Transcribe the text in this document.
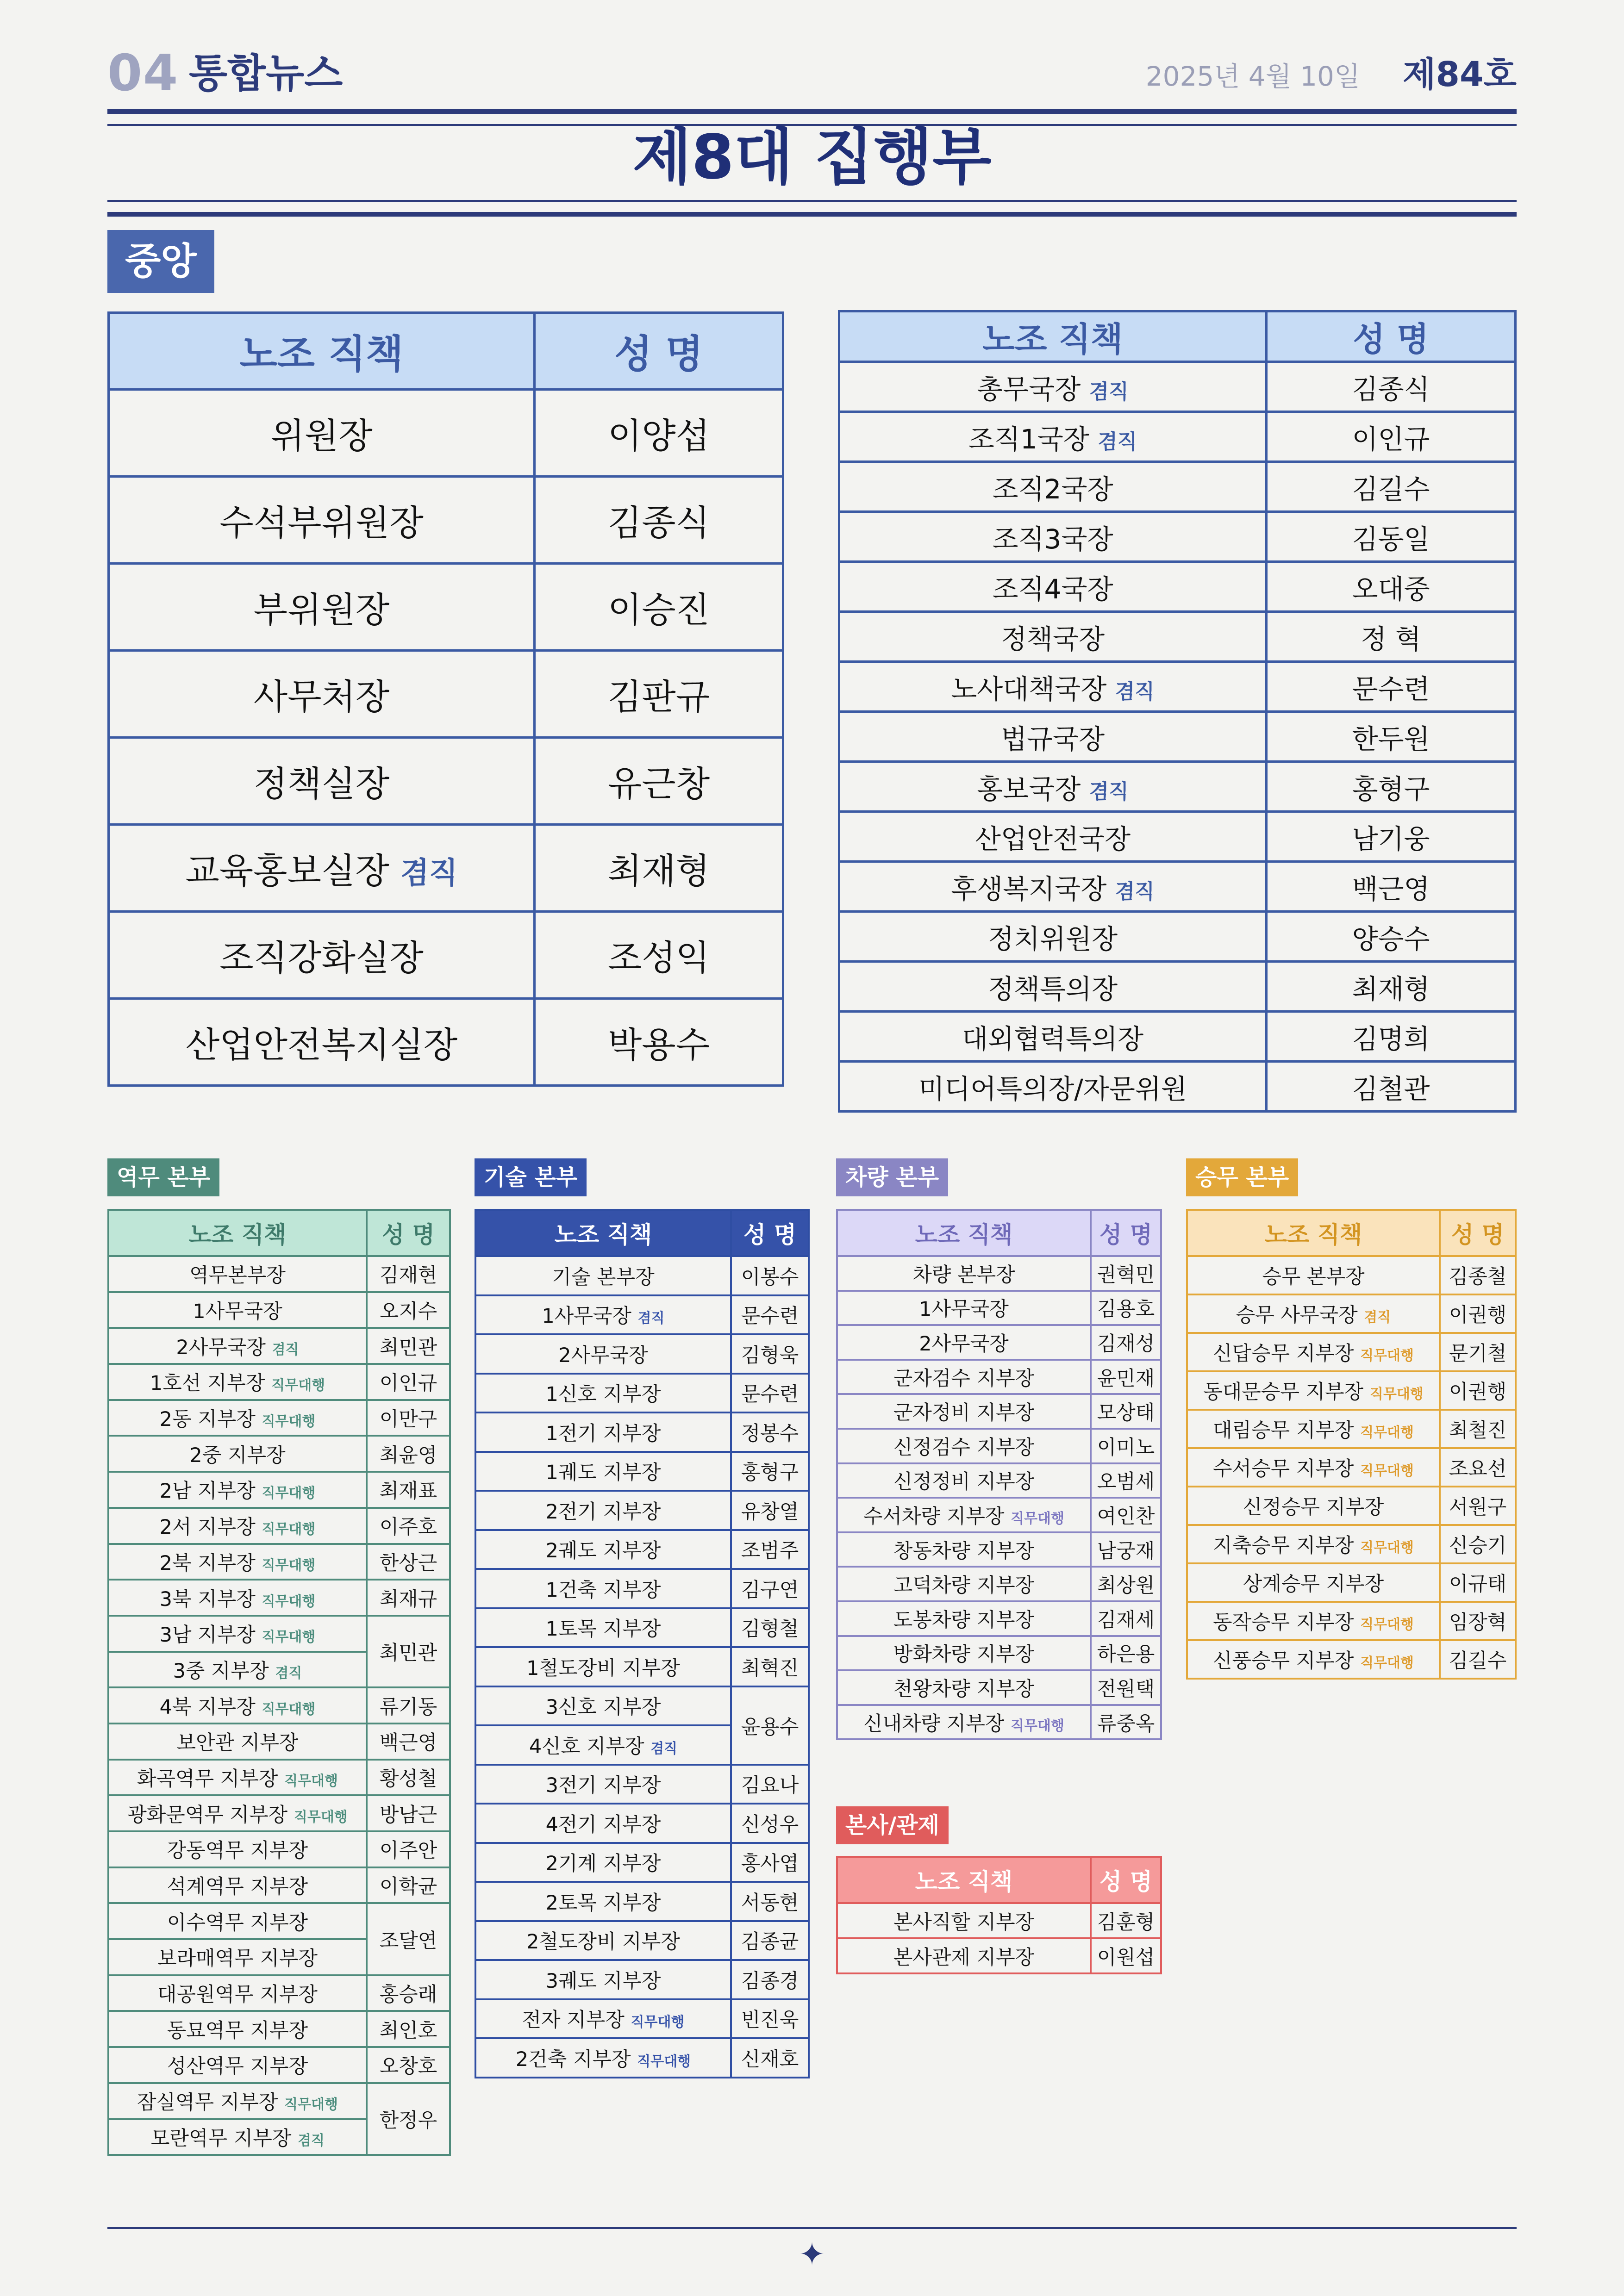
04 통합뉴스	2025년 4월 10일 제84호
제8대 집행부
중앙
역무 본부	기술 본부	차량 본부	승무 본부
본사/관제
노조 직책	성 명
위원장	이양섭
수석부위원장	김종식
부위원장	이승진
사무처장	김판규
정책실장	유근창
교육홍보실장 겸직	최재형
조직강화실장	조성익
산업안전복지실장	박용수
노조 직책	성 명
총무국장 겸직	김종식
조직1국장 겸직	이인규
조직2국장	김길수
조직3국장	김동일
조직4국장	오대중
정책국장	정 혁
노사대책국장 겸직	문수련
법규국장	한두원
홍보국장 겸직	홍형구
산업안전국장	남기웅
후생복지국장 겸직	백근영
정치위원장	양승수
정책특의장	최재형
대외협력특의장	김명희
미디어특의장/자문위원	김철관
노조 직책	성 명
역무본부장	김재현
1사무국장	오지수
2사무국장 겸직	최민관
1호선 지부장 직무대행	이인규
2동 지부장 직무대행	이만구
2중 지부장	최윤영
2남 지부장 직무대행	최재표
2서 지부장 직무대행	이주호
2북 지부장 직무대행	한상근
3북 지부장 직무대행	최재규
3남 지부장 직무대행	최민관
3중 지부장 겸직	
4북 지부장 직무대행	류기동
보안관 지부장	백근영
화곡역무 지부장 직무대행	황성철
광화문역무 지부장 직무대행	방남근
강동역무 지부장	이주안
석계역무 지부장	이학균
이수역무 지부장	조달연
보라매역무 지부장	
대공원역무 지부장	홍승래
동묘역무 지부장	최인호
성산역무 지부장	오창호
잠실역무 지부장 직무대행	한정우
모란역무 지부장 겸직	
노조 직책	성 명
기술 본부장	이봉수
1사무국장 겸직	문수련
2사무국장	김형욱
1신호 지부장	문수련
1전기 지부장	정봉수
1궤도 지부장	홍형구
2전기 지부장	유창열
2궤도 지부장	조범주
1건축 지부장	김구연
1토목 지부장	김형철
1철도장비 지부장	최혁진
3신호 지부장	윤용수
4신호 지부장 겸직	
3전기 지부장	김요나
4전기 지부장	신성우
2기계 지부장	홍사엽
2토목 지부장	서동현
2철도장비 지부장	김종균
3궤도 지부장	김종경
전자 지부장 직무대행	빈진욱
2건축 지부장 직무대행	신재호
노조 직책	성 명
차량 본부장	권혁민
1사무국장	김용호
2사무국장	김재성
군자검수 지부장	윤민재
군자정비 지부장	모상태
신정검수 지부장	이미노
신정정비 지부장	오범세
수서차량 지부장 직무대행	여인찬
창동차량 지부장	남궁재
고덕차량 지부장	최상원
도봉차량 지부장	김재세
방화차량 지부장	하은용
천왕차량 지부장	전원택
신내차량 지부장 직무대행	류중옥
노조 직책	성 명
승무 본부장	김종철
승무 사무국장 겸직	이권행
신답승무 지부장 직무대행	문기철
동대문승무 지부장 직무대행	이권행
대림승무 지부장 직무대행	최철진
수서승무 지부장 직무대행	조요선
신정승무 지부장	서원구
지축승무 지부장 직무대행	신승기
상계승무 지부장	이규태
동작승무 지부장 직무대행	임장혁
신풍승무 지부장 직무대행	김길수
노조 직책	성 명
본사직할 지부장	김훈형
본사관제 지부장	이원섭
✦
